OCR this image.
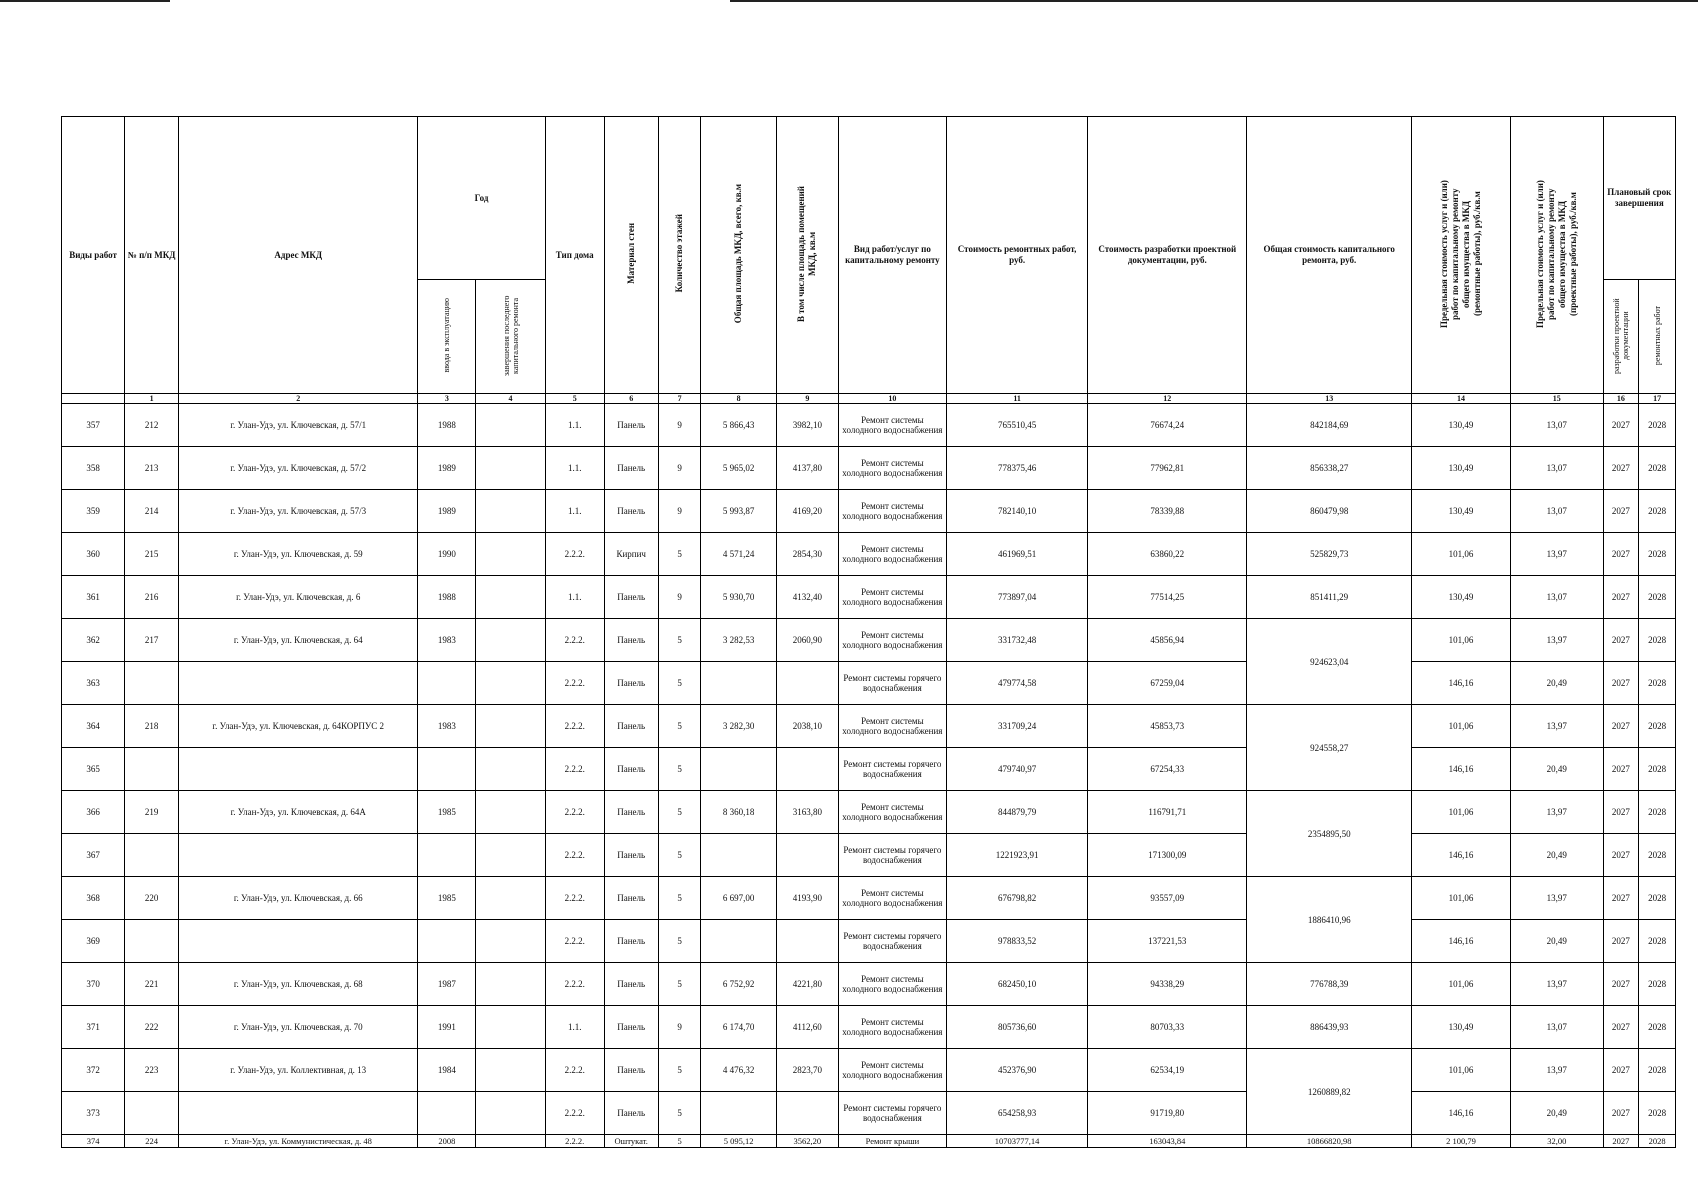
Виды работ	№ п/п МКД	Адрес МКД	Год		Тип дома	Материал стен	Количество этажей	Общая площадь МКД, всего, кв.м	В том числе площадь помещений МКД, кв.м	Вид работ/услуг по капитальному ремонту	Стоимость ремонтных работ, руб.	Стоимость разработки проектной документации, руб.	Общая стоимость капитального ремонта, руб.	Предельная стоимость услуг и (или) работ по капитальному ремонту общего имущества в МКД (ремонтные работы), руб./кв.м	Предельная стоимость услуг и (или) работ по капитальному ремонту общего имущества в МКД (проектные работы), руб./кв.м	Плановый срок завершения	
			ввода в эксплуатацию	завершения последнего капитального ремонта												разработки проектной документации	ремонтных работ
	1	2	3	4	5	6	7	8	9	10	11	12	13	14	15	16	17
357	212	г. Улан-Удэ, ул. Ключевская, д. 57/1	1988		1.1.	Панель	9	5 866,43	3982,10	Ремонт системы холодного водоснабжения	765510,45	76674,24	842184,69	130,49	13,07	2027	2028
358	213	г. Улан-Удэ, ул. Ключевская, д. 57/2	1989		1.1.	Панель	9	5 965,02	4137,80	Ремонт системы холодного водоснабжения	778375,46	77962,81	856338,27	130,49	13,07	2027	2028
359	214	г. Улан-Удэ, ул. Ключевская, д. 57/3	1989		1.1.	Панель	9	5 993,87	4169,20	Ремонт системы холодного водоснабжения	782140,10	78339,88	860479,98	130,49	13,07	2027	2028
360	215	г. Улан-Удэ, ул. Ключевская, д. 59	1990		2.2.2.	Кирпич	5	4 571,24	2854,30	Ремонт системы холодного водоснабжения	461969,51	63860,22	525829,73	101,06	13,97	2027	2028
361	216	г. Улан-Удэ, ул. Ключевская, д. 6	1988		1.1.	Панель	9	5 930,70	4132,40	Ремонт системы холодного водоснабжения	773897,04	77514,25	851411,29	130,49	13,07	2027	2028
362	217	г. Улан-Удэ, ул. Ключевская, д. 64	1983		2.2.2.	Панель	5	3 282,53	2060,90	Ремонт системы холодного водоснабжения	331732,48	45856,94	924623,04	101,06	13,97	2027	2028
363					2.2.2.	Панель	5			Ремонт системы горячего водоснабжения	479774,58	67259,04		146,16	20,49	2027	2028
364	218	г. Улан-Удэ, ул. Ключевская, д. 64КОРПУС 2	1983		2.2.2.	Панель	5	3 282,30	2038,10	Ремонт системы холодного водоснабжения	331709,24	45853,73	924558,27	101,06	13,97	2027	2028
365					2.2.2.	Панель	5			Ремонт системы горячего водоснабжения	479740,97	67254,33		146,16	20,49	2027	2028
366	219	г. Улан-Удэ, ул. Ключевская, д. 64А	1985		2.2.2.	Панель	5	8 360,18	3163,80	Ремонт системы холодного водоснабжения	844879,79	116791,71	2354895,50	101,06	13,97	2027	2028
367					2.2.2.	Панель	5			Ремонт системы горячего водоснабжения	1221923,91	171300,09		146,16	20,49	2027	2028
368	220	г. Улан-Удэ, ул. Ключевская, д. 66	1985		2.2.2.	Панель	5	6 697,00	4193,90	Ремонт системы холодного водоснабжения	676798,82	93557,09	1886410,96	101,06	13,97	2027	2028
369					2.2.2.	Панель	5			Ремонт системы горячего водоснабжения	978833,52	137221,53		146,16	20,49	2027	2028
370	221	г. Улан-Удэ, ул. Ключевская, д. 68	1987		2.2.2.	Панель	5	6 752,92	4221,80	Ремонт системы холодного водоснабжения	682450,10	94338,29	776788,39	101,06	13,97	2027	2028
371	222	г. Улан-Удэ, ул. Ключевская, д. 70	1991		1.1.	Панель	9	6 174,70	4112,60	Ремонт системы холодного водоснабжения	805736,60	80703,33	886439,93	130,49	13,07	2027	2028
372	223	г. Улан-Удэ, ул. Коллективная, д. 13	1984		2.2.2.	Панель	5	4 476,32	2823,70	Ремонт системы холодного водоснабжения	452376,90	62534,19	1260889,82	101,06	13,97	2027	2028
373					2.2.2.	Панель	5			Ремонт системы горячего водоснабжения	654258,93	91719,80		146,16	20,49	2027	2028
374	224	г. Улан-Удэ, ул. Коммунистическая, д. 48	2008		2.2.2.	Оштукат.	5	5 095,12	3562,20	Ремонт крыши	10703777,14	163043,84	10866820,98	2 100,79	32,00	2027	2028
